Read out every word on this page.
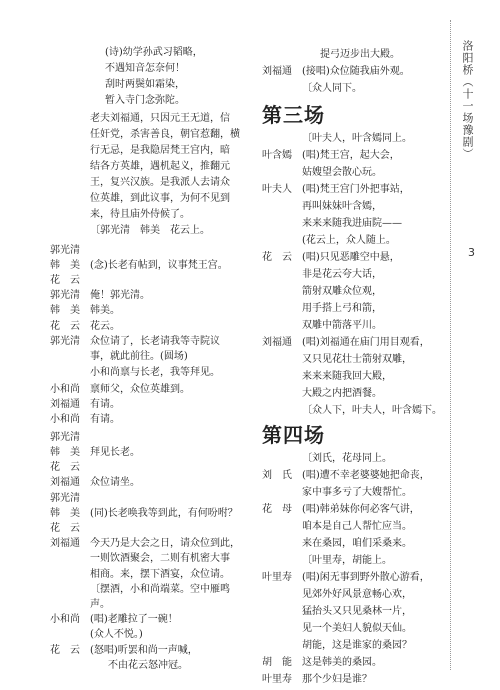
(诗)幼学孙武习韬略，
不遇知音怎奈何！
刮时两鬓如霜染，
暂入寺门念弥陀。
老夫刘福通，只因元王无道，信
任奸党，杀害善良，朝官惹翻，横
行无忌，是我隐居梵王宫内，暗
结各方英雄，遇机起义，推翻元
王，复兴汉族。是我派人去请众
位英雄，到此议事，为何不见到
来，待且庙外侍候了。
〔郭光清　韩美　花云上。
郭光清
韩　美	(念)长老有帖到，议事梵王宫。
花　云
郭光清	俺！郭光清。
韩　美	韩美。
花　云	花云。
郭光清	众位请了，长老请我等寺院议
事，就此前往。(圆场)
小和尚禀与长老，我等拜见。
小和尚	禀师父，众位英雄到。
刘福通	有请。
小和尚	有请。
郭光清
韩　美	拜见长老。
花　云
刘福通	众位请坐。
郭光清
韩　美	(同)长老唤我等到此，有何吩咐？
花　云
刘福通	今天乃是大会之日，请众位到此，
一则饮酒聚会，二则有机密大事
相商。来，摆下酒宴，众位请。
〔摆酒，小和尚端菜。空中雁鸣
声。
小和尚	(唱)老雕拉了一碗！
(众人不悦。)
花　云	(怒唱)听罢和尚一声喊，
不由花云怒冲冠。
提弓迈步出大殿。
刘福通	(接唱)众位随我庙外观。
〔众人同下。
第三场
〔叶夫人，叶含嫣同上。
叶含嫣	(唱)梵王宫，起大会，
姑嫂望会散心玩。
叶夫人	(唱)梵王宫门外把事站，
再叫妹妹叶含嫣，
来来来随我进庙院——
(花云上，众人随上。
花　云	(唱)只见恶雕空中悬，
非是花云夸大话，
箭射双雕众位观，
用手搭上弓和箭，
双雕中箭落平川。
刘福通	(唱)刘福通在庙门用目观看，
又只见花壮士箭射双雕，
来来来随我回大殿，
大殿之内把酒餐。
〔众人下，叶夫人，叶含嫣下。
第四场
〔刘氏，花母同上。
刘　氏	(唱)遭不幸老婆婆她把命丧，
家中事多亏了大嫂帮忙。
花　母	(唱)韩弟妹你何必客气讲，
咱本是自己人帮忙应当。
来在桑园，咱们采桑来。
〔叶里寿，胡能上。
叶里寿	(唱)闲无事到野外散心游看，
见郊外好风景意畅心欢，
猛抬头又只见桑林一片，
见一个美妇人貌似天仙。
胡能，这是谁家的桑园？
胡　能	这是韩美的桑园。
叶里寿	那个少妇是谁？
洛阳桥（十一场豫剧）
3
